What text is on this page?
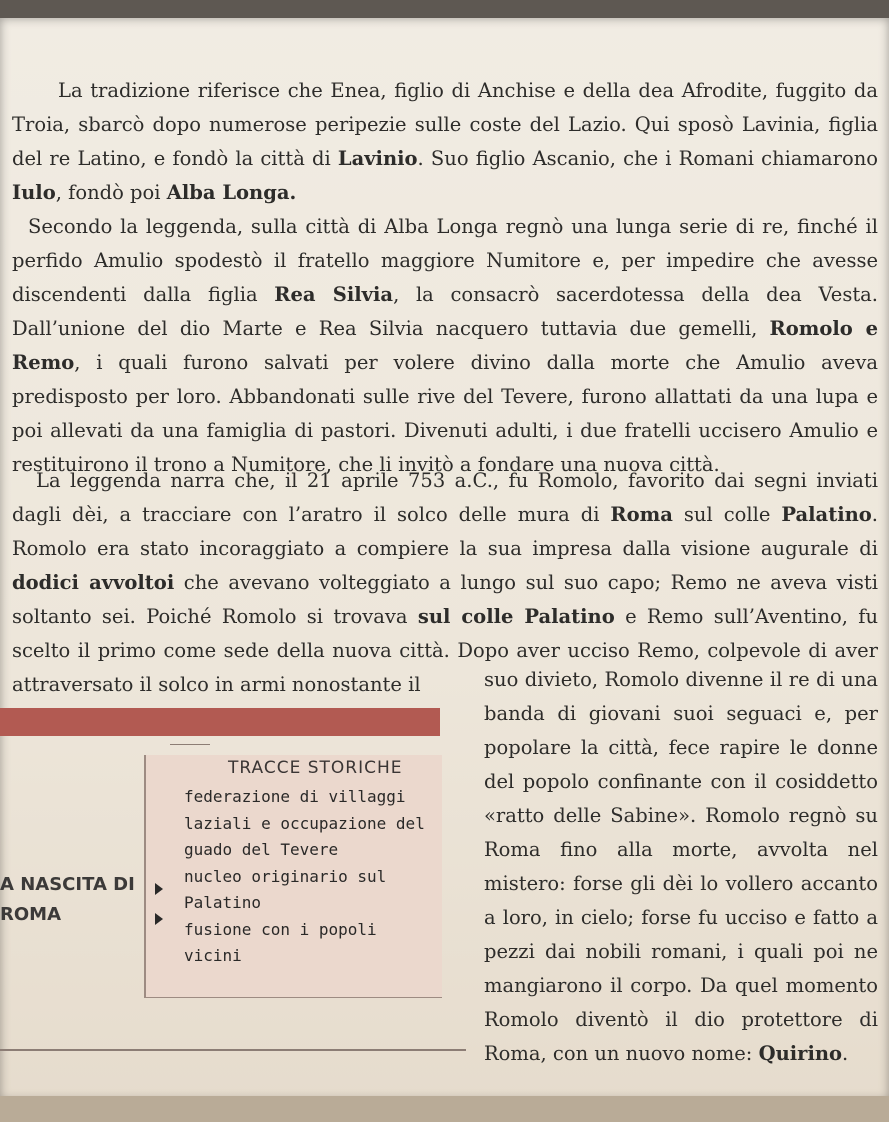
La tradizione riferisce che Enea, figlio di Anchise e della dea Afrodite, fuggito da Troia, sbarcò dopo numerose peripezie sulle coste del Lazio. Qui sposò Lavinia, figlia del re Latino, e fondò la città di Lavinio. Suo figlio Ascanio, che i Romani chiamarono Iulo, fondò poi Alba Longa.

Secondo la leggenda, sulla città di Alba Longa regnò una lunga serie di re, finché il perfido Amulio spodestò il fratello maggiore Numitore e, per impedire che avesse discendenti dalla figlia Rea Silvia, la consacrò sacerdotessa della dea Vesta. Dall’unione del dio Marte e Rea Silvia nacquero tuttavia due gemelli, Romolo e Remo, i quali furono salvati per volere divino dalla morte che Amulio aveva predisposto per loro. Abbandonati sulle rive del Tevere, furono allattati da una lupa e poi allevati da una famiglia di pastori. Divenuti adulti, i due fratelli uccisero Amulio e restituirono il trono a Numitore, che li invitò a fondare una nuova città.

La leggenda narra che, il 21 aprile 753 a.C., fu Romolo, favorito dai segni inviati dagli dèi, a tracciare con l’aratro il solco delle mura di Roma sul colle Palatino. Romolo era stato incoraggiato a compiere la sua impresa dalla visione augurale di dodici avvoltoi che avevano volteggiato a lungo sul suo capo; Remo ne aveva visti soltanto sei. Poiché Romolo si trovava sul colle Palatino e Remo sull’Aventino, fu scelto il primo come sede della nuova città. Dopo aver ucciso Remo, colpevole di aver attraversato il solco in armi nonostante il	suo divieto, Romolo divenne il re di una banda di giovani suoi seguaci e, per popolare la città, fece rapire le donne del popolo confinante con il cosiddetto «ratto delle Sabine». Romolo regnò su Roma fino alla morte, avvolta nel mistero: forse gli dèi lo vollero accanto a loro, in cielo; forse fu ucciso e fatto a pezzi dai nobili romani, i quali poi ne mangiarono il corpo. Da quel momento Romolo diventò il dio protettore di Roma, con un nuovo nome: Quirino.

TRACCE STORICHE

federazione di villaggi laziali e occupazione del guado del Tevere
nucleo originario sul Palatino
fusione con i popoli vicini

A NASCITA DI ROMA
